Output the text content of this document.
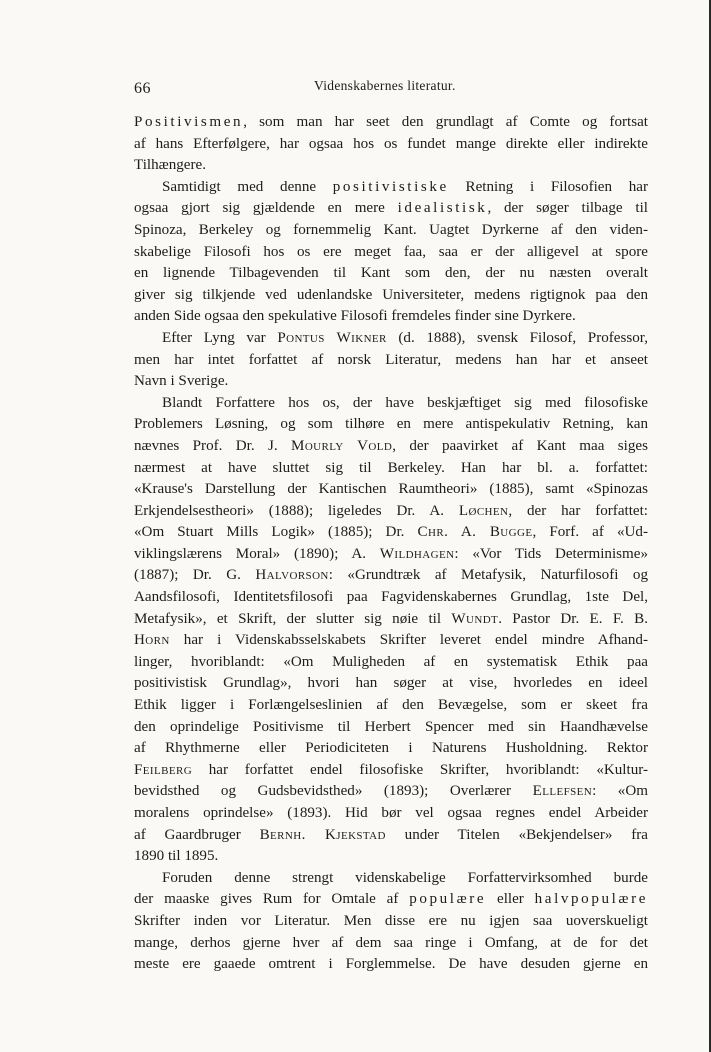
66	Videnskabernes literatur.
Positivismen, som man har seet den grundlagt af Comte og fortsat
af hans Efterfølgere, har ogsaa hos os fundet mange direkte eller indirekte
Tilhængere.
Samtidigt med denne positivistiske Retning i Filosofien har
ogsaa gjort sig gjældende en mere idealistisk, der søger tilbage til
Spinoza, Berkeley og fornemmelig Kant. Uagtet Dyrkerne af den viden-
skabelige Filosofi hos os ere meget faa, saa er der alligevel at spore
en lignende Tilbagevenden til Kant som den, der nu næsten overalt
giver sig tilkjende ved udenlandske Universiteter, medens rigtignok paa den
anden Side ogsaa den spekulative Filosofi fremdeles finder sine Dyrkere.
Efter Lyng var Pontus Wikner (d. 1888), svensk Filosof, Professor,
men har intet forfattet af norsk Literatur, medens han har et anseet
Navn i Sverige.
Blandt Forfattere hos os, der have beskjæftiget sig med filosofiske
Problemers Løsning, og som tilhøre en mere antispekulativ Retning, kan
nævnes Prof. Dr. J. Mourly Vold, der paavirket af Kant maa siges
nærmest at have sluttet sig til Berkeley. Han har bl. a. forfattet:
«Krause's Darstellung der Kantischen Raumtheori» (1885), samt «Spinozas
Erkjendelsestheori» (1888); ligeledes Dr. A. Løchen, der har forfattet:
«Om Stuart Mills Logik» (1885); Dr. Chr. A. Bugge, Forf. af «Ud-
viklingslærens Moral» (1890); A. Wildhagen: «Vor Tids Determinisme»
(1887); Dr. G. Halvorson: «Grundtræk af Metafysik, Naturfilosofi og
Aandsfilosofi, Identitetsfilosofi paa Fagvidenskabernes Grundlag, 1ste Del,
Metafysik», et Skrift, der slutter sig nøie til Wundt. Pastor Dr. E. F. B.
Horn har i Videnskabsselskabets Skrifter leveret endel mindre Afhand-
linger, hvoriblandt: «Om Muligheden af en systematisk Ethik paa
positivistisk Grundlag», hvori han søger at vise, hvorledes en ideel
Ethik ligger i Forlængelseslinien af den Bevægelse, som er skeet fra
den oprindelige Positivisme til Herbert Spencer med sin Haandhævelse
af Rhythmerne eller Periodiciteten i Naturens Husholdning. Rektor
Feilberg har forfattet endel filosofiske Skrifter, hvoriblandt: «Kultur-
bevidsthed og Gudsbevidsthed» (1893); Overlærer Ellefsen: «Om
moralens oprindelse» (1893). Hid bør vel ogsaa regnes endel Arbeider
af Gaardbruger Bernh. Kjekstad under Titelen «Bekjendelser» fra
1890 til 1895.
Foruden denne strengt videnskabelige Forfattervirksomhed burde
der maaske gives Rum for Omtale af populære eller halvpopulære
Skrifter inden vor Literatur. Men disse ere nu igjen saa uoverskueligt
mange, derhos gjerne hver af dem saa ringe i Omfang, at de for det
meste ere gaaede omtrent i Forglemmelse. De have desuden gjerne en
